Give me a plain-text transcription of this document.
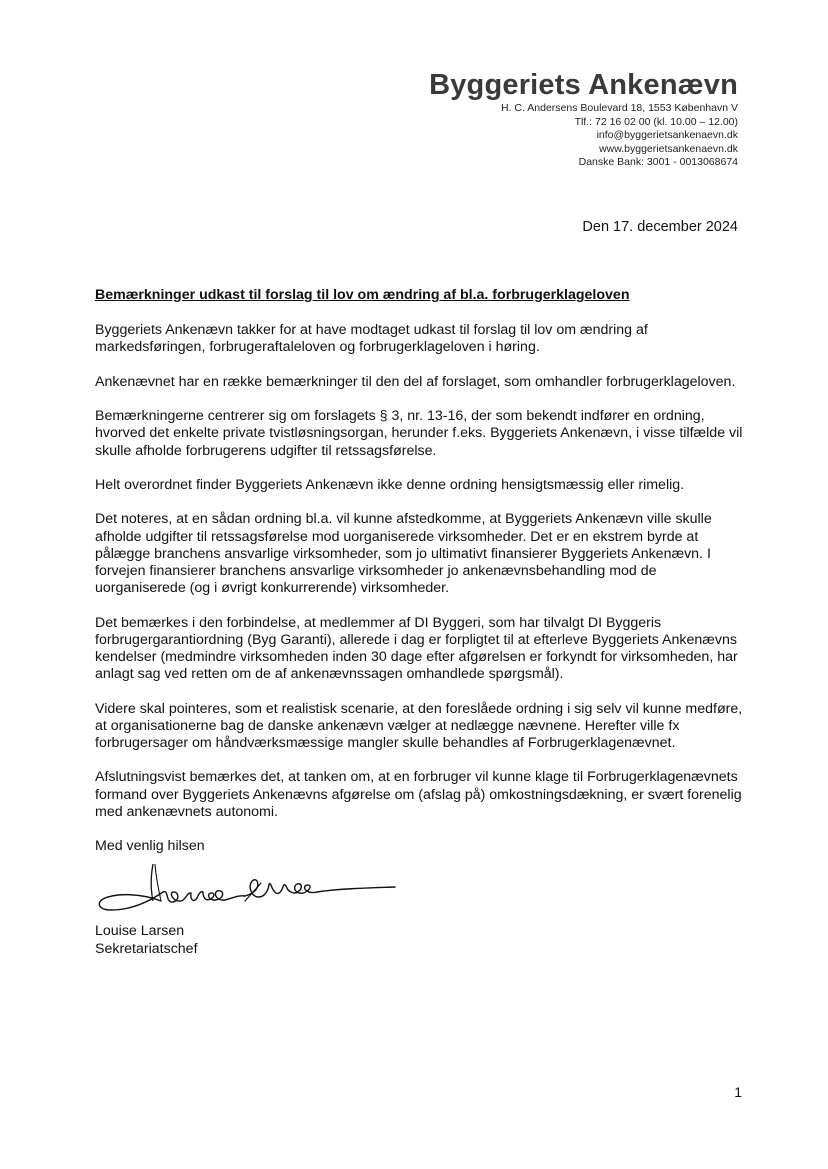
Byggeriets Ankenævn
H. C. Andersens Boulevard 18, 1553 København V
Tlf.: 72 16 02 00 (kl. 10.00 – 12.00)
info@byggerietsankenaevn.dk
www.byggerietsankenaevn.dk
Danske Bank: 3001 - 0013068674
Den 17. december 2024

Bemærkninger udkast til forslag til lov om ændring af bl.a. forbrugerklageloven

Byggeriets Ankenævn takker for at have modtaget udkast til forslag til lov om ændring af markedsføringen, forbrugeraftaleloven og forbrugerklageloven i høring.

Ankenævnet har en række bemærkninger til den del af forslaget, som omhandler forbrugerklageloven.

Bemærkningerne centrerer sig om forslagets § 3, nr. 13-16, der som bekendt indfører en ordning, hvorved det enkelte private tvistløsningsorgan, herunder f.eks. Byggeriets Ankenævn, i visse tilfælde vil skulle afholde forbrugerens udgifter til retssagsførelse.

Helt overordnet finder Byggeriets Ankenævn ikke denne ordning hensigtsmæssig eller rimelig.

Det noteres, at en sådan ordning bl.a. vil kunne afstedkomme, at Byggeriets Ankenævn ville skulle afholde udgifter til retssagsførelse mod uorganiserede virksomheder. Det er en ekstrem byrde at pålægge branchens ansvarlige virksomheder, som jo ultimativt finansierer Byggeriets Ankenævn. I forvejen finansierer branchens ansvarlige virksomheder jo ankenævnsbehandling mod de uorganiserede (og i øvrigt konkurrerende) virksomheder.

Det bemærkes i den forbindelse, at medlemmer af DI Byggeri, som har tilvalgt DI Byggeris forbrugergarantiordning (Byg Garanti), allerede i dag er forpligtet til at efterleve Byggeriets Ankenævns kendelser (medmindre virksomheden inden 30 dage efter afgørelsen er forkyndt for virksomheden, har anlagt sag ved retten om de af ankenævnssagen omhandlede spørgsmål).

Videre skal pointeres, som et realistisk scenarie, at den foreslåede ordning i sig selv vil kunne medføre, at organisationerne bag de danske ankenævn vælger at nedlægge nævnene. Herefter ville fx forbrugersager om håndværksmæssige mangler skulle behandles af Forbrugerklagenævnet.

Afslutningsvist bemærkes det, at tanken om, at en forbruger vil kunne klage til Forbrugerklagenævnets formand over Byggeriets Ankenævns afgørelse om (afslag på) omkostningsdækning, er svært forenelig med ankenævnets autonomi.

Med venlig hilsen

Louise Larsen

Sekretariatschef

1
